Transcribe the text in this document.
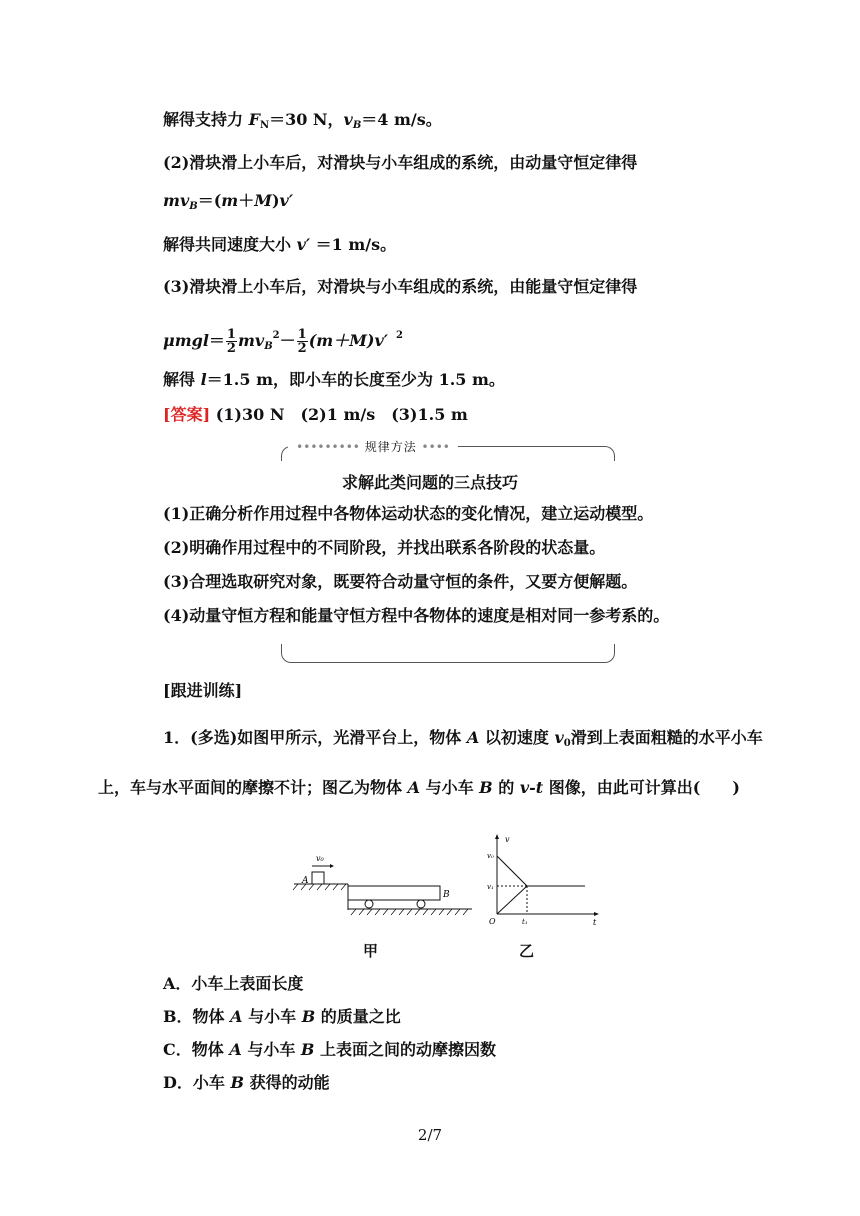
解得支持力 $F_N=30$ N，$v_B=4$ m/s。
(2)滑块滑上小车后，对滑块与小车组成的系统，由动量守恒定律得
$mv_B=(m+M)v'$
解得共同速度大小 v′ ＝1 m/s。
(3)滑块滑上小车后，对滑块与小车组成的系统，由能量守恒定律得
$\mu mgl= \frac{1}{2} mv_B^2- \frac{1}{2} (m+M)v'$ $^2$
解得 l＝1.5 m，即小车的长度至少为 1.5 m。
[答案] (1)30 N　(2)1 m/s　(3)1.5 m
••••••••• 规律方法 ••••
求解此类问题的三点技巧
(1)正确分析作用过程中各物体运动状态的变化情况，建立运动模型。
(2)明确作用过程中的不同阶段，并找出联系各阶段的状态量。
(3)合理选取研究对象，既要符合动量守恒的条件，又要方便解题。
(4)动量守恒方程和能量守恒方程中各物体的速度是相对同一参考系的。
[跟进训练]
1．(多选)如图甲所示，光滑平台上，物体 A 以初速度 $v_0$滑到上表面粗糙的水平小车上，车与水平面间的摩擦不计；图乙为物体 A 与小车 B 的 v-t 图像，由此可计算出(　　)
A
v₀
B
v
t
O
v₀
v₁
t₁
甲	乙
A．小车上表面长度
B．物体 A 与小车 B 的质量之比
C．物体 A 与小车 B 上表面之间的动摩擦因数
D．小车 B 获得的动能
2/7
